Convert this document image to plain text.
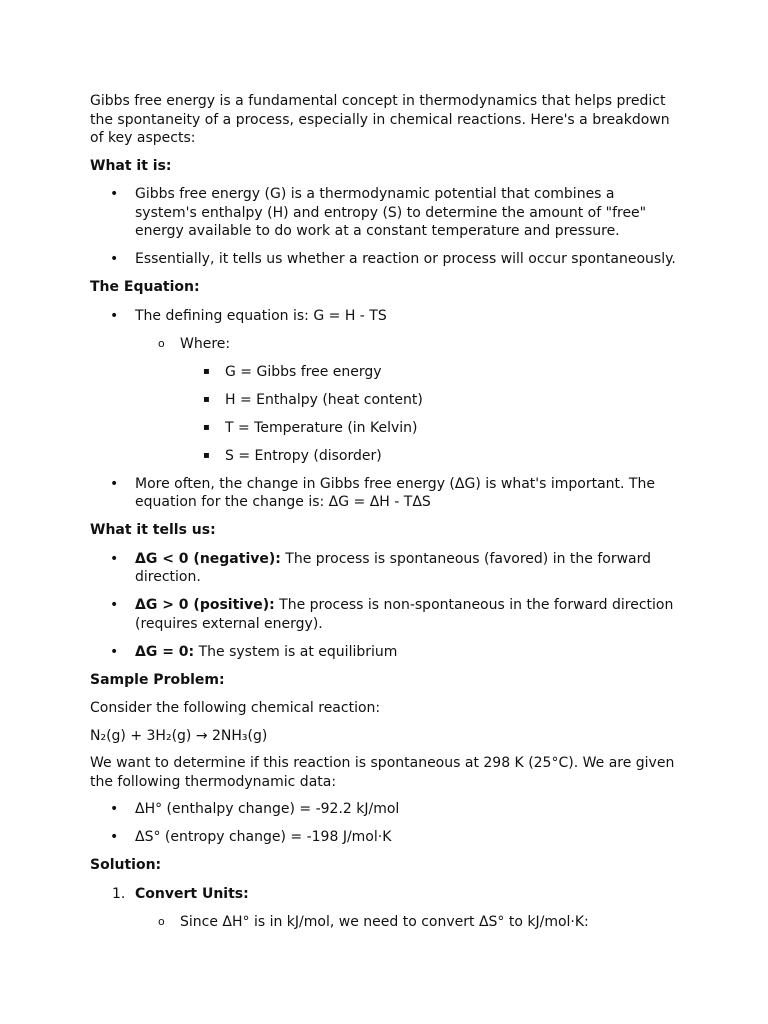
Gibbs free energy is a fundamental concept in thermodynamics that helps predict the spontaneity of a process, especially in chemical reactions. Here's a breakdown of key aspects:

What it is:

• Gibbs free energy (G) is a thermodynamic potential that combines a system's enthalpy (H) and entropy (S) to determine the amount of "free" energy available to do work at a constant temperature and pressure.
• Essentially, it tells us whether a reaction or process will occur spontaneously.

The Equation:

• The defining equation is: G = H - TS
o Where:
▪ G = Gibbs free energy
▪ H = Enthalpy (heat content)
▪ T = Temperature (in Kelvin)
▪ S = Entropy (disorder)
• More often, the change in Gibbs free energy (ΔG) is what's important. The equation for the change is: ΔG = ΔH - TΔS

What it tells us:

• ΔG < 0 (negative): The process is spontaneous (favored) in the forward direction.
• ΔG > 0 (positive): The process is non-spontaneous in the forward direction (requires external energy).
• ΔG = 0: The system is at equilibrium

Sample Problem:

Consider the following chemical reaction:

N₂(g) + 3H₂(g) → 2NH₃(g)

We want to determine if this reaction is spontaneous at 298 K (25°C). We are given the following thermodynamic data:

• ΔH° (enthalpy change) = -92.2 kJ/mol
• ΔS° (entropy change) = -198 J/mol·K

Solution:

1. Convert Units:
o Since ΔH° is in kJ/mol, we need to convert ΔS° to kJ/mol·K:
